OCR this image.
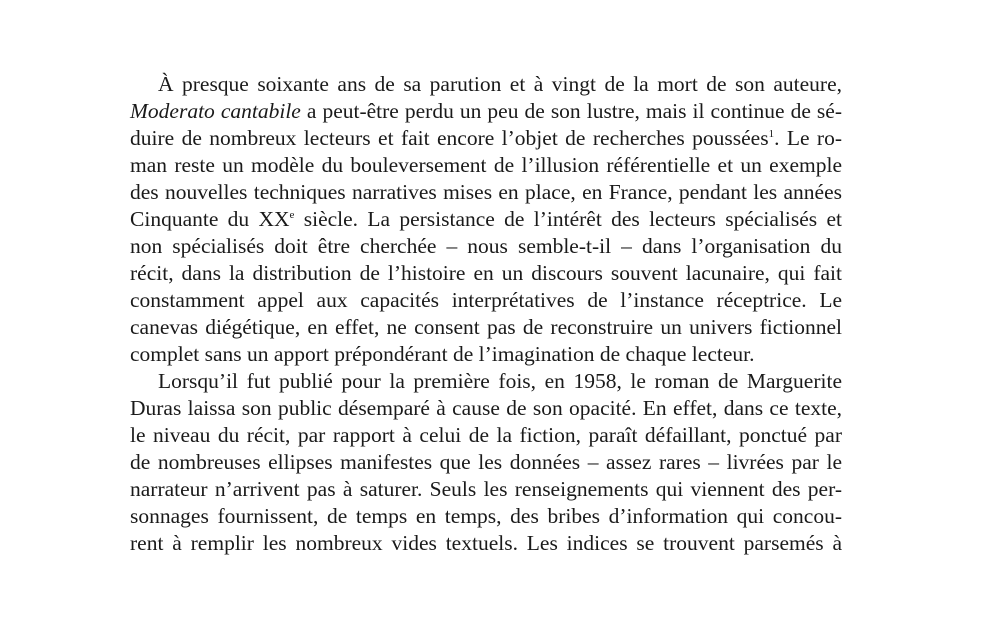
À presque soixante ans de sa parution et à vingt de la mort de son auteure,
Moderato cantabile a peut-être perdu un peu de son lustre, mais il continue de sé-
duire de nombreux lecteurs et fait encore l’objet de recherches poussées$^1$. Le ro-
man reste un modèle du bouleversement de l’illusion référentielle et un exemple
des nouvelles techniques narratives mises en place, en France, pendant les années
Cinquante du XXe siècle. La persistance de l’intérêt des lecteurs spécialisés et
non spécialisés doit être cherchée – nous semble-t-il – dans l’organisation du
récit, dans la distribution de l’histoire en un discours souvent lacunaire, qui fait
constamment appel aux capacités interprétatives de l’instance réceptrice. Le
canevas diégétique, en effet, ne consent pas de reconstruire un univers fictionnel
complet sans un apport prépondérant de l’imagination de chaque lecteur.
Lorsqu’il fut publié pour la première fois, en 1958, le roman de Marguerite
Duras laissa son public désemparé à cause de son opacité. En effet, dans ce texte,
le niveau du récit, par rapport à celui de la fiction, paraît défaillant, ponctué par
de nombreuses ellipses manifestes que les données – assez rares – livrées par le
narrateur n’arrivent pas à saturer. Seuls les renseignements qui viennent des per-
sonnages fournissent, de temps en temps, des bribes d’information qui concou-
rent à remplir les nombreux vides textuels. Les indices se trouvent parsemés à
